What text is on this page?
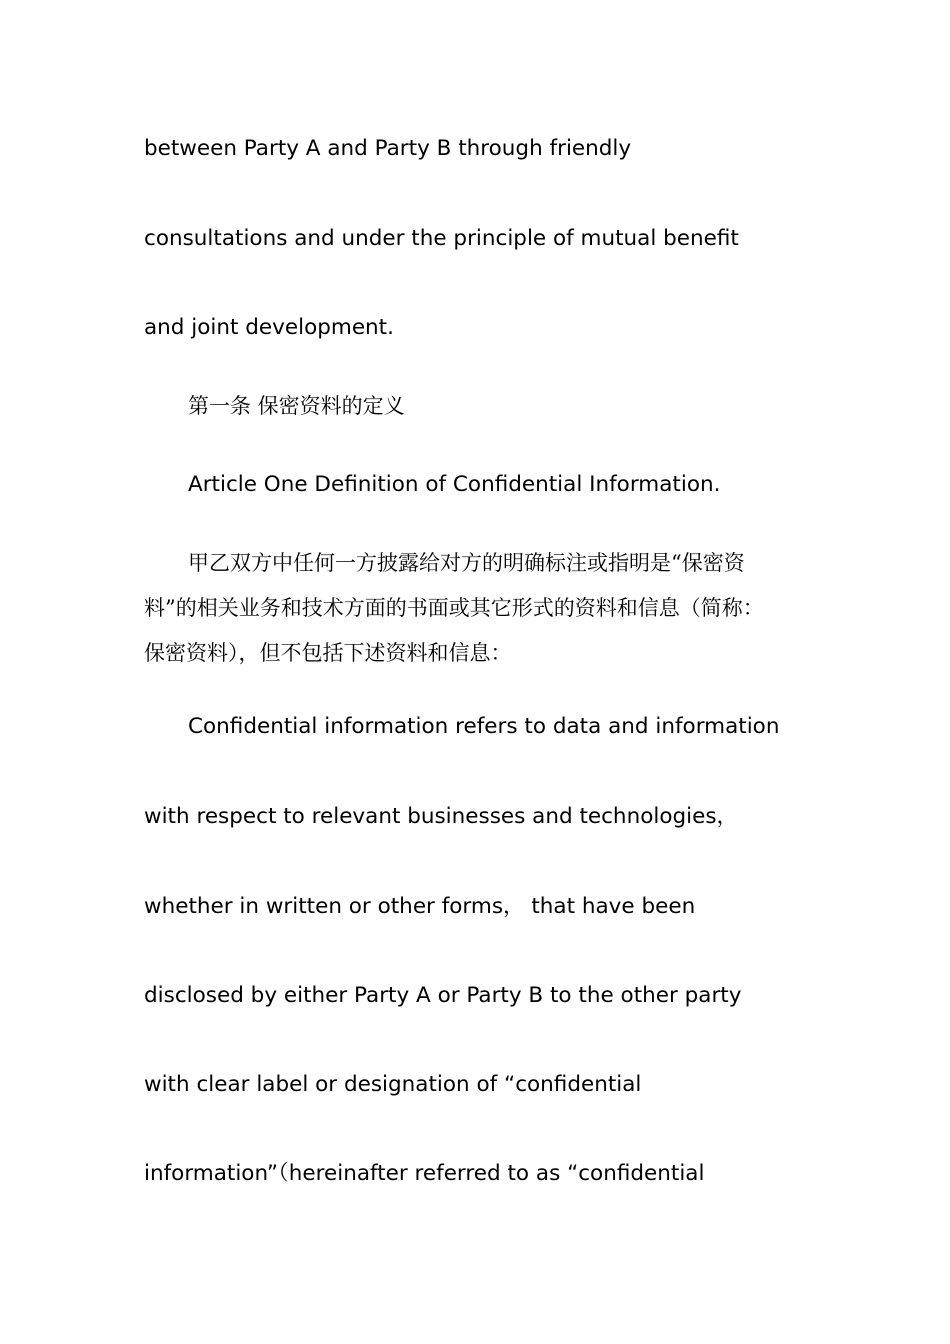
between Party A and Party B through friendly

consultations and under the principle of mutual benefit

and joint development.

第一条 保密资料的定义

Article One Definition of Confidential Information.

甲乙双方中任何一方披露给对方的明确标注或指明是“保密资

料”的相关业务和技术方面的书面或其它形式的资料和信息（简称：

保密资料），但不包括下述资料和信息：

Confidential information refers to data and information

with respect to relevant businesses and technologies，

whether in written or other forms， that have been

disclosed by either Party A or Party B to the other party

with clear label or designation of “confidential

information”（hereinafter referred to as “confidential
